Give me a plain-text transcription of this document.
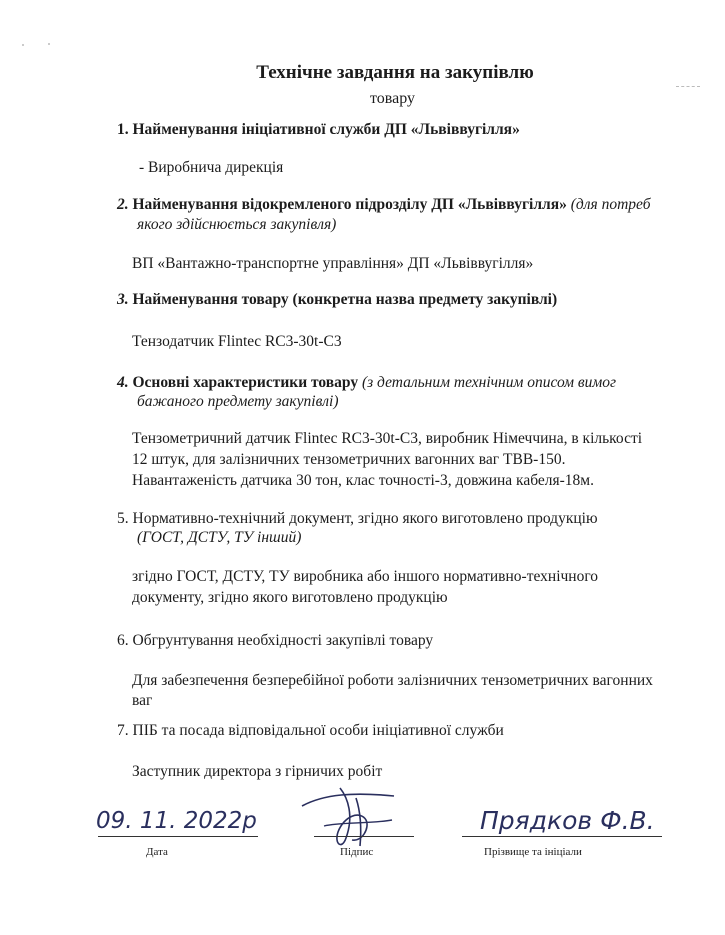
Технічне завдання на закупівлю
товару
1. Найменування ініціативної служби ДП «Львіввугілля»
- Виробнича дирекція
2. Найменування відокремленого підрозділу ДП «Львіввугілля» (для потреб
якого здійснюється закупівля)
ВП «Вантажно-транспортне управління» ДП «Львіввугілля»
3. Найменування товару (конкретна назва предмету закупівлі)
Тензодатчик Flintec RC3-30t-C3
4. Основні характеристики товару (з детальним технічним описом вимог
бажаного предмету закупівлі)
Тензометричний датчик Flintec RC3-30t-C3, виробник Німеччина, в кількості
12 штук, для залізничних тензометричних вагонних ваг ТВВ-150.
Навантаженість датчика 30 тон, клас точності-3, довжина кабеля-18м.
5. Нормативно-технічний документ, згідно якого виготовлено продукцію
(ГОСТ, ДСТУ, ТУ інший)
згідно ГОСТ, ДСТУ, ТУ виробника або іншого нормативно-технічного
документу, згідно якого виготовлено продукцію
6. Обгрунтування необхідності закупівлі товару
Для забезпечення безперебійної роботи залізничних тензометричних вагонних
ваг
7. ПІБ та посада відповідальної особи ініціативної служби
Заступник директора з гірничих робіт
09. 11. 2022р
Дата	Підпис
Прядков Ф.В.
Прізвище та ініціали
